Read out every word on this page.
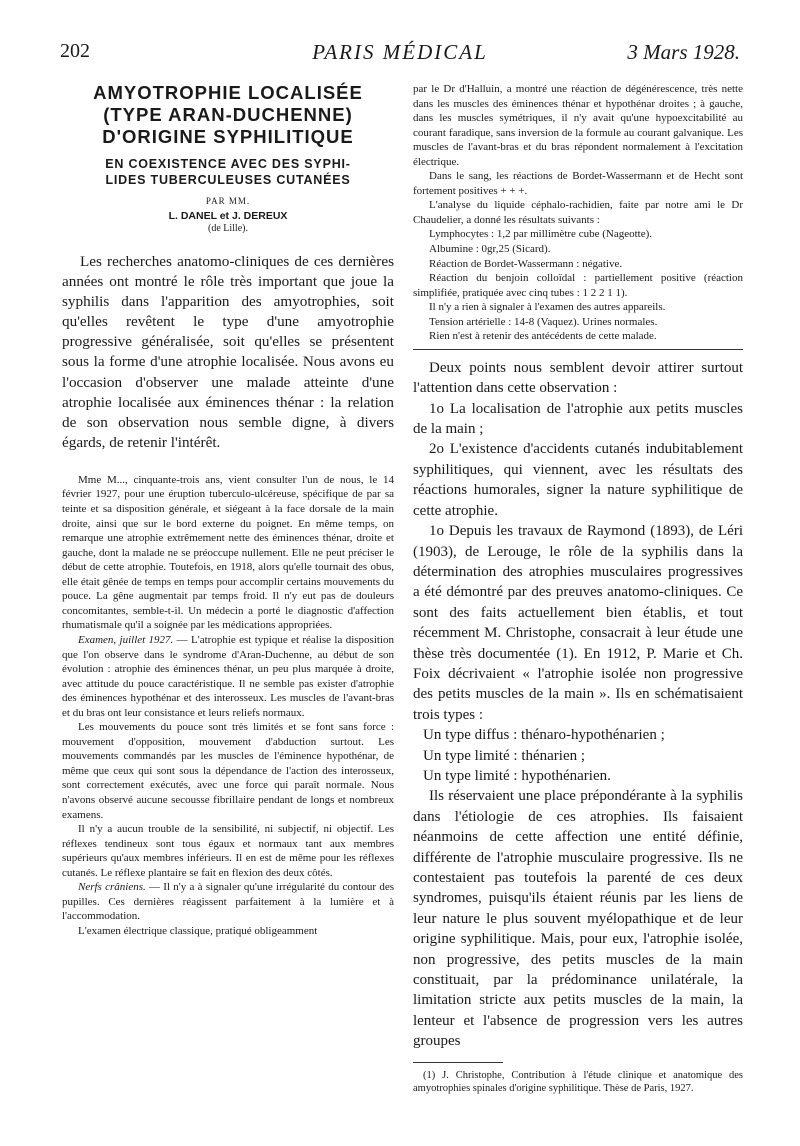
202	PARIS MÉDICAL	3 Mars 1928.
AMYOTROPHIE LOCALISÉE
(TYPE ARAN-DUCHENNE)
D'ORIGINE SYPHILITIQUE
EN COEXISTENCE AVEC DES SYPHI-
LIDES TUBERCULEUSES CUTANÉES

PAR MM.

L. DANEL et J. DEREUX

(de Lille).

Les recherches anatomo-cliniques de ces dernières années ont montré le rôle très important que joue la syphilis dans l'apparition des amyotrophies, soit qu'elles revêtent le type d'une amyotrophie progressive généralisée, soit qu'elles se présentent sous la forme d'une atrophie localisée. Nous avons eu l'occasion d'observer une malade atteinte d'une atrophie localisée aux éminences thénar : la relation de son observation nous semble digne, à divers égards, de retenir l'intérêt.

Mme M..., cinquante-trois ans, vient consulter l'un de nous, le 14 février 1927, pour une éruption tuberculo-ulcéreuse, spécifique de par sa teinte et sa disposition générale, et siégeant à la face dorsale de la main droite, ainsi que sur le bord externe du poignet. En même temps, on remarque une atrophie extrêmement nette des éminences thénar, droite et gauche, dont la malade ne se préoccupe nullement. Elle ne peut préciser le début de cette atrophie. Toutefois, en 1918, alors qu'elle tournait des obus, elle était gênée de temps en temps pour accomplir certains mouvements du pouce. La gêne augmentait par temps froid. Il n'y eut pas de douleurs concomitantes, semble-t-il. Un médecin a porté le diagnostic d'affection rhumatismale qu'il a soignée par les médications appropriées.

Examen, juillet 1927. — L'atrophie est typique et réalise la disposition que l'on observe dans le syndrome d'Aran-Duchenne, au début de son évolution : atrophie des éminences thénar, un peu plus marquée à droite, avec attitude du pouce caractéristique. Il ne semble pas exister d'atrophie des éminences hypothénar et des interosseux. Les muscles de l'avant-bras et du bras ont leur consistance et leurs reliefs normaux.

Les mouvements du pouce sont très limités et se font sans force : mouvement d'opposition, mouvement d'abduction surtout. Les mouvements commandés par les muscles de l'éminence hypothénar, de même que ceux qui sont sous la dépendance de l'action des interosseux, sont correctement exécutés, avec une force qui paraît normale. Nous n'avons observé aucune secousse fibrillaire pendant de longs et nombreux examens.

Il n'y a aucun trouble de la sensibilité, ni subjectif, ni objectif. Les réflexes tendineux sont tous égaux et normaux tant aux membres supérieurs qu'aux membres inférieurs. Il en est de même pour les réflexes cutanés. Le réflexe plantaire se fait en flexion des deux côtés.

Nerfs crâniens. — Il n'y a à signaler qu'une irrégularité du contour des pupilles. Ces dernières réagissent parfaitement à la lumière et à l'accommodation.

L'examen électrique classique, pratiqué obligeamment

par le Dr d'Halluin, a montré une réaction de dégénérescence, très nette dans les muscles des éminences thénar et hypothénar droites ; à gauche, dans les muscles symétriques, il n'y avait qu'une hypoexcitabilité au courant faradique, sans inversion de la formule au courant galvanique. Les muscles de l'avant-bras et du bras répondent normalement à l'excitation électrique.

Dans le sang, les réactions de Bordet-Wassermann et de Hecht sont fortement positives + + +.

L'analyse du liquide céphalo-rachidien, faite par notre ami le Dr Chaudelier, a donné les résultats suivants :

Lymphocytes : 1,2 par millimètre cube (Nageotte).

Albumine : 0gr,25 (Sicard).

Réaction de Bordet-Wassermann : négative.

Réaction du benjoin colloïdal : partiellement positive (réaction simplifiée, pratiquée avec cinq tubes : 1 2 2 1 1).

Il n'y a rien à signaler à l'examen des autres appareils.

Tension artérielle : 14-8 (Vaquez). Urines normales.

Rien n'est à retenir des antécédents de cette malade.

Deux points nous semblent devoir attirer surtout l'attention dans cette observation :

1o La localisation de l'atrophie aux petits muscles de la main ;

2o L'existence d'accidents cutanés indubitablement syphilitiques, qui viennent, avec les résultats des réactions humorales, signer la nature syphilitique de cette atrophie.

1o Depuis les travaux de Raymond (1893), de Léri (1903), de Lerouge, le rôle de la syphilis dans la détermination des atrophies musculaires progressives a été démontré par des preuves anatomo-cliniques. Ce sont des faits actuellement bien établis, et tout récemment M. Christophe, consacrait à leur étude une thèse très documentée (1). En 1912, P. Marie et Ch. Foix décrivaient « l'atrophie isolée non progressive des petits muscles de la main ». Ils en schématisaient trois types :

Un type diffus : thénaro-hypothénarien ;

Un type limité : thénarien ;

Un type limité : hypothénarien.

Ils réservaient une place prépondérante à la syphilis dans l'étiologie de ces atrophies. Ils faisaient néanmoins de cette affection une entité définie, différente de l'atrophie musculaire progressive. Ils ne contestaient pas toutefois la parenté de ces deux syndromes, puisqu'ils étaient réunis par les liens de leur nature le plus souvent myélopathique et de leur origine syphilitique. Mais, pour eux, l'atrophie isolée, non progressive, des petits muscles de la main constituait, par la prédominance unilatérale, la limitation stricte aux petits muscles de la main, la lenteur et l'absence de progression vers les autres groupes

(1) J. Christophe, Contribution à l'étude clinique et anatomique des amyotrophies spinales d'origine syphilitique. Thèse de Paris, 1927.
